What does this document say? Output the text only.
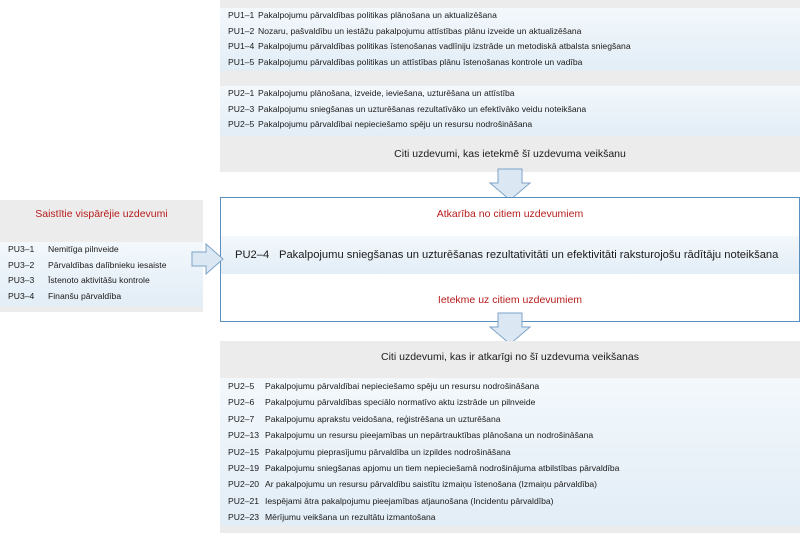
PU1–1 Pakalpojumu pārvaldības politikas plānošana un aktualizēšana
PU1–2 Nozaru, pašvaldību un iestāžu pakalpojumu attīstības plānu izveide un aktualizēšana
PU1–4 Pakalpojumu pārvaldības politikas īstenošanas vadlīniju izstrāde un metodiskā atbalsta sniegšana
PU1–5 Pakalpojumu pārvaldības politikas un attīstības plānu īstenošanas kontrole un vadība
PU2–1 Pakalpojumu plānošana, izveide, ieviešana, uzturēšana un attīstība
PU2–3 Pakalpojumu sniegšanas un uzturēšanas rezultatīvāko un efektīvāko veidu noteikšana
PU2–5 Pakalpojumu pārvaldībai nepieciešamo spēju un resursu nodrošināšana
Citi uzdevumi, kas ietekmē šī uzdevuma veikšanu
Atkarība no citiem uzdevumiem
PU2–4 Pakalpojumu sniegšanas un uzturēšanas rezultativitāti un efektivitāti raksturojošu rādītāju noteikšana
Ietekme uz citiem uzdevumiem
Saistītie vispārējie uzdevumi
PU3–1 Nemitīga pilnveide
PU3–2 Pārvaldības dalībnieku iesaiste
PU3–3 Īstenoto aktivitāšu kontrole
PU3–4 Finanšu pārvaldība
Citi uzdevumi, kas ir atkarīgi no šī uzdevuma veikšanas
PU2–5 Pakalpojumu pārvaldībai nepieciešamo spēju un resursu nodrošināšana
PU2–6 Pakalpojumu pārvaldības speciālo normatīvo aktu izstrāde un pilnveide
PU2–7 Pakalpojumu aprakstu veidošana, reģistrēšana un uzturēšana
PU2–13 Pakalpojumu un resursu pieejamības un nepārtrauktības plānošana un nodrošināšana
PU2–15 Pakalpojumu pieprasījumu pārvaldība un izpildes nodrošināšana
PU2–19 Pakalpojumu sniegšanas apjomu un tiem nepieciešamā nodrošinājuma atbilstības pārvaldība
PU2–20 Ar pakalpojumu un resursu pārvaldību saistītu izmaiņu īstenošana (Izmaiņu pārvaldība)
PU2–21 Iespējami ātra pakalpojumu pieejamības atjaunošana (Incidentu pārvaldība)
PU2–23 Mērījumu veikšana un rezultātu izmantošana
